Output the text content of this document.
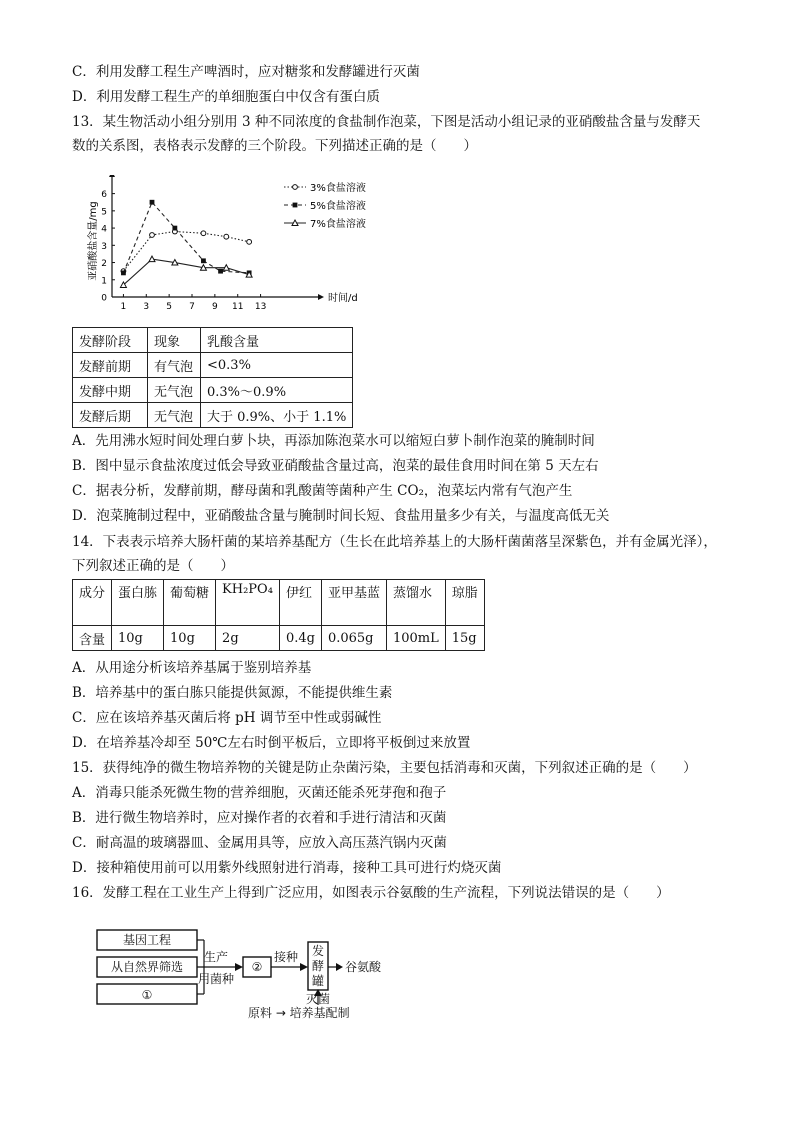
C．利用发酵工程生产啤酒时，应对糖浆和发酵罐进行灭菌
D．利用发酵工程生产的单细胞蛋白中仅含有蛋白质
13．某生物活动小组分别用 3 种不同浓度的食盐制作泡菜，下图是活动小组记录的亚硝酸盐含量与发酵天
数的关系图，表格表示发酵的三个阶段。下列描述正确的是（　　）
0
1
2
3
4
5
6
1 3 5 7 9 11 13
时间/d
亚硝酸盐含量/mg
3%食盐溶液
5%食盐溶液
7%食盐溶液
发酵阶段	现象	乳酸含量
发酵前期	有气泡	<0.3%
发酵中期	无气泡	0.3%～0.9%
发酵后期	无气泡	大于 0.9%、小于 1.1%
A．先用沸水短时间处理白萝卜块，再添加陈泡菜水可以缩短白萝卜制作泡菜的腌制时间
B．图中显示食盐浓度过低会导致亚硝酸盐含量过高，泡菜的最佳食用时间在第 5 天左右
C．据表分析，发酵前期，酵母菌和乳酸菌等菌种产生 CO₂，泡菜坛内常有气泡产生
D．泡菜腌制过程中，亚硝酸盐含量与腌制时间长短、食盐用量多少有关，与温度高低无关
14．下表表示培养大肠杆菌的某培养基配方（生长在此培养基上的大肠杆菌菌落呈深紫色，并有金属光泽），
下列叙述正确的是（　　）
成分	蛋白胨	葡萄糖	KH₂PO₄	伊红	亚甲基蓝	蒸馏水	琼脂
含量	10g	10g	2g	0.4g	0.065g	100mL	15g
A．从用途分析该培养基属于鉴别培养基
B．培养基中的蛋白胨只能提供氮源，不能提供维生素
C．应在该培养基灭菌后将 pH 调节至中性或弱碱性
D．在培养基冷却至 50℃左右时倒平板后，立即将平板倒过来放置
15．获得纯净的微生物培养物的关键是防止杂菌污染，主要包括消毒和灭菌，下列叙述正确的是（　　）
A．消毒只能杀死微生物的营养细胞，灭菌还能杀死芽孢和孢子
B．进行微生物培养时，应对操作者的衣着和手进行清洁和灭菌
C．耐高温的玻璃器皿、金属用具等，应放入高压蒸汽锅内灭菌
D．接种箱使用前可以用紫外线照射进行消毒，接种工具可进行灼烧灭菌
16．发酵工程在工业生产上得到广泛应用，如图表示谷氨酸的生产流程，下列说法错误的是（　　）
基因工程
从自然界筛选
①
生产
用菌种
②
接种 发
酵
罐
谷氨酸
灭菌
原料 → 培养基配制
